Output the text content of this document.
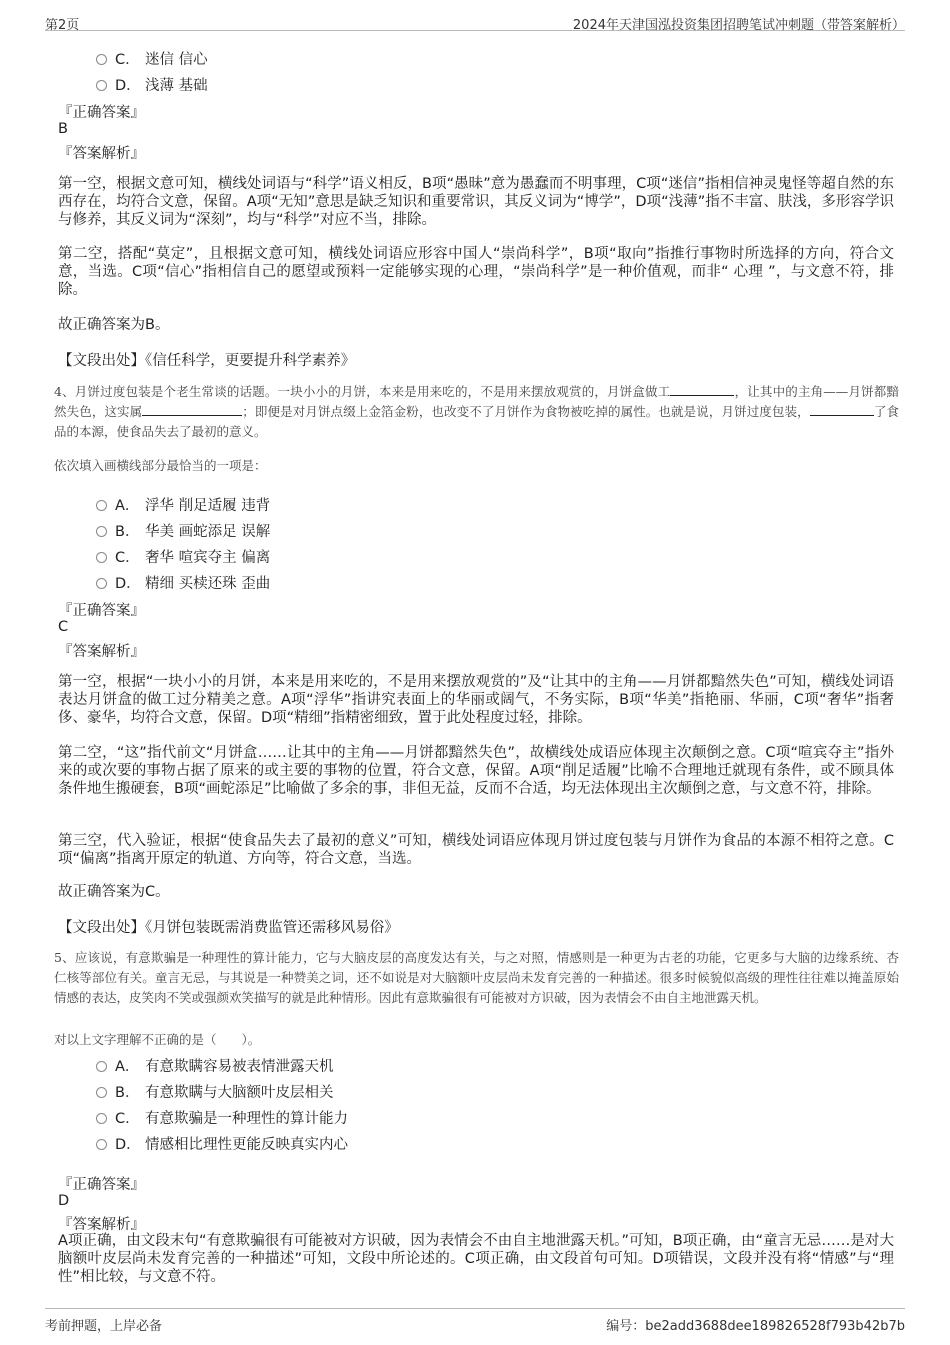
第2页	2024年天津国泓投资集团招聘笔试冲刺题（带答案解析）
C． 迷信 信心
D． 浅薄 基础
『正确答案』
B
『答案解析』
第一空，根据文意可知，横线处词语与“科学”语义相反，B项“愚昧”意为愚蠢而不明事理，C项“迷信”指相信神灵鬼怪等超自然的东西存在，均符合文意，保留。A项“无知”意思是缺乏知识和重要常识，其反义词为“博学”，D项“浅薄”指不丰富、肤浅，多形容学识与修养，其反义词为“深刻”，均与“科学”对应不当，排除。
第二空，搭配“莫定”，且根据文意可知，横线处词语应形容中国人“崇尚科学”，B项“取向”指推行事物时所选择的方向，符合文意，当选。C项“信心”指相信自己的愿望或预料一定能够实现的心理，“崇尚科学”是一种价值观，而非“ 心理 ”，与文意不符，排除。
故正确答案为B。
【文段出处】《信任科学，更要提升科学素养》
4、月饼过度包装是个老生常谈的话题。一块小小的月饼，本来是用来吃的，不是用来摆放观赏的，月饼盒做工	，让其中的主角——月饼都黯然失色，这实属	；即便是对月饼点缀上金箔金粉，也改变不了月饼作为食物被吃掉的属性。也就是说，月饼过度包装，	了食品的本源，使食品失去了最初的意义。
依次填入画横线部分最恰当的一项是：
A． 浮华 削足适履 违背
B． 华美 画蛇添足 误解
C． 奢华 喧宾夺主 偏离
D． 精细 买椟还珠 歪曲
『正确答案』
C
『答案解析』
第一空，根据“一块小小的月饼，本来是用来吃的，不是用来摆放观赏的”及“让其中的主角——月饼都黯然失色”可知，横线处词语表达月饼盒的做工过分精美之意。A项“浮华”指讲究表面上的华丽或阔气，不务实际，B项“华美”指艳丽、华丽，C项“奢华”指奢侈、豪华，均符合文意，保留。D项“精细”指精密细致，置于此处程度过轻，排除。
第二空，“这”指代前文“月饼盒……让其中的主角——月饼都黯然失色”，故横线处成语应体现主次颠倒之意。C项“喧宾夺主”指外来的或次要的事物占据了原来的或主要的事物的位置，符合文意，保留。A项“削足适履”比喻不合理地迁就现有条件，或不顾具体条件地生搬硬套，B项“画蛇添足”比喻做了多余的事，非但无益，反而不合适，均无法体现出主次颠倒之意，与文意不符，排除。
第三空，代入验证，根据“使食品失去了最初的意义”可知，横线处词语应体现月饼过度包装与月饼作为食品的本源不相符之意。C项“偏离”指离开原定的轨道、方向等，符合文意，当选。
故正确答案为C。
【文段出处】《月饼包装既需消费监管还需移风易俗》
5、应该说，有意欺骗是一种理性的算计能力，它与大脑皮层的高度发达有关，与之对照，情感则是一种更为古老的功能，它更多与大脑的边缘系统、杏仁核等部位有关。童言无忌，与其说是一种赞美之词，还不如说是对大脑额叶皮层尚未发育完善的一种描述。很多时候貌似高级的理性往往难以掩盖原始情感的表达，皮笑肉不笑或强颜欢笑描写的就是此种情形。因此有意欺骗很有可能被对方识破，因为表情会不由自主地泄露天机。
对以上文字理解不正确的是（　　）。
A． 有意欺瞒容易被表情泄露天机
B． 有意欺瞒与大脑额叶皮层相关
C． 有意欺骗是一种理性的算计能力
D． 情感相比理性更能反映真实内心
『正确答案』
D
『答案解析』
A项正确，由文段末句“有意欺骗很有可能被对方识破，因为表情会不由自主地泄露天机。”可知，B项正确，由“童言无忌……是对大脑额叶皮层尚未发育完善的一种描述”可知，文段中所论述的。C项正确，由文段首句可知。D项错误，文段并没有将“情感”与“理性”相比较，与文意不符。
考前押题，上岸必备	编号：be2add3688dee189826528f793b42b7b
